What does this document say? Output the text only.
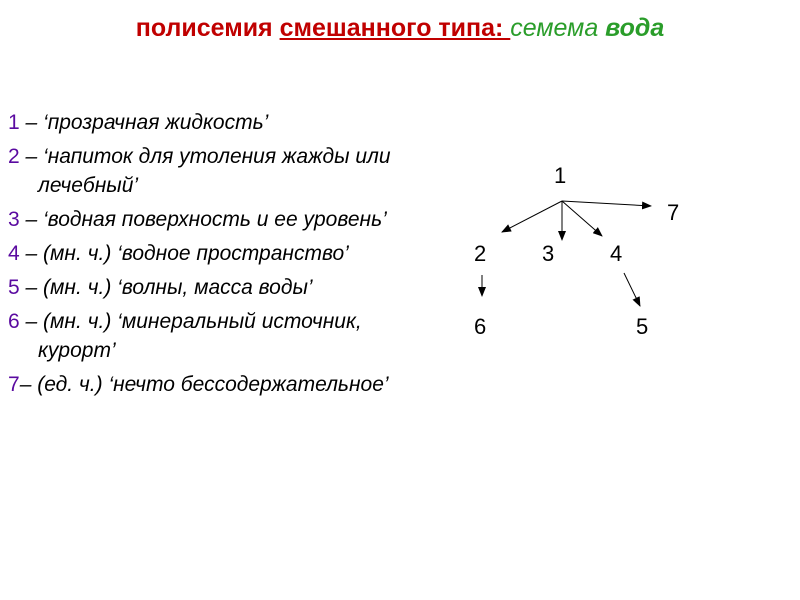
полисемия смешанного типа: семема вода
1 – ‘прозрачная жидкость’
2 – ‘напиток для утоления жажды или лечебный’
3 – ‘водная поверхность и ее уровень’
4 – (мн. ч.) ‘водное пространство’
5 – (мн. ч.) ‘волны, масса воды’
6 – (мн. ч.) ‘минеральный источник, курорт’
7– (ед. ч.) ‘нечто бессодержательное’
1
7
2	3	4
6	5
